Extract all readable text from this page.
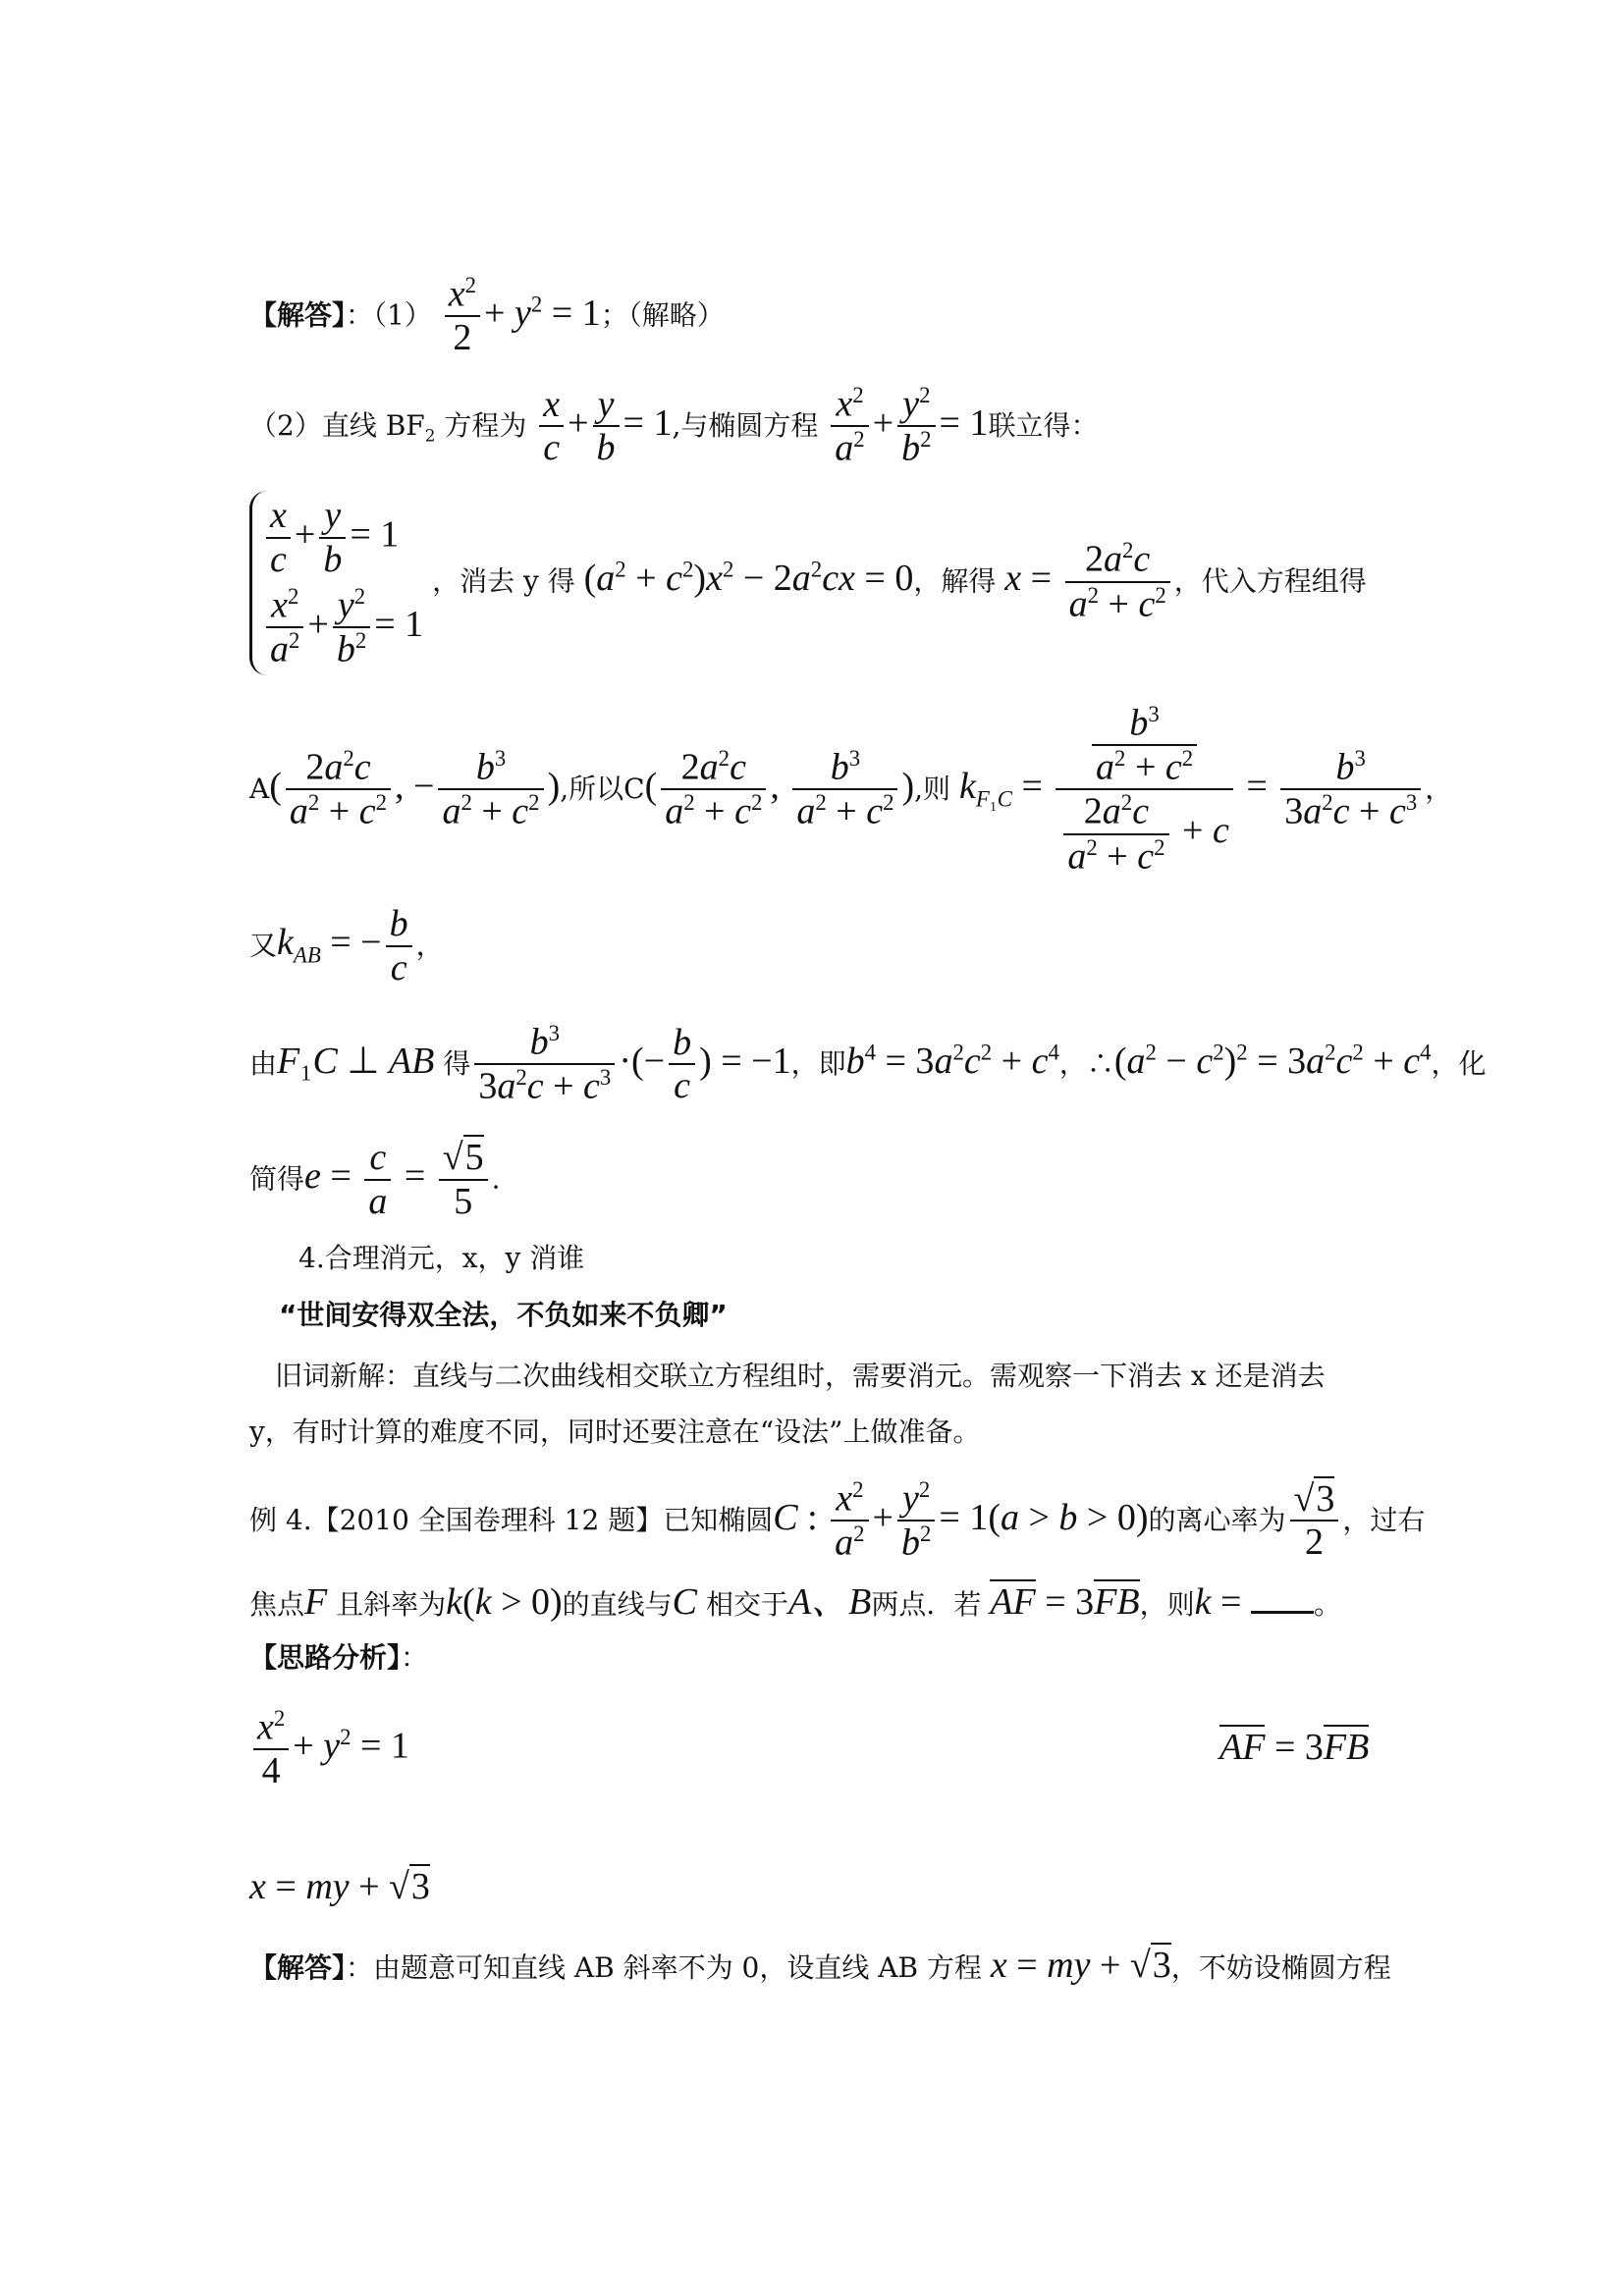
【解答】：$(1) \frac{x^2}{2} + y^2 = 1$；（解略）
（2）直线 $BF_2$ 方程为 $\frac{x}{c} + \frac{y}{b} = 1$,与椭圆方程 $\frac{x^2}{a^2} + \frac{y^2}{b^2} = 1$联立得：
$\frac{x}{c} + \frac{y}{b} = 1$
$\frac{x^2}{a^2} + \frac{y^2}{b^2} = 1$
，消去 y 得 $(a^2 + c^2)x^2 - 2a^2cx = 0$，解得 $x = \frac{2a^2c}{a^2 + c^2}$ ，代入方程组得
$A( \frac{2a^2c}{a^2 + c^2}$ , − $\frac{b^3}{a^2 + c^2}$ ),所以$C( \frac{2a^2c}{a^2 + c^2}$ , $\frac{b^3}{a^2 + c^2}$ ),则 $k_{F_1C} = \frac{\frac{b^3}{a^2 + c^2}}{\frac{2a^2c}{a^2 + c^2} + c} = \frac{b^3}{3a^2c + c^3}$ ，
又$k_{AB}$ = − $\frac{b}{c}$ ，
由F₁C ⊥ AB 得 $\frac{b^3}{3a^2c + c^3}$ ·(− $\frac{b}{c}$ ) = −1，即$b^4 = 3a^2c^2 + c^4$，$\therefore(a^2 - c^2)^2 = 3a^2c^2 + c^4$，化
简得$e = \frac{c}{a} = \frac{√5}{5}$ .
4.合理消元，x，y 消谁
“世间安得双全法，不负如来不负卿”
旧词新解：直线与二次曲线相交联立方程组时，需要消元。需观察一下消去 x 还是消去
y，有时计算的难度不同，同时还要注意在“设法”上做准备。
例 4.【2010 全国卷理科 12 题】已知椭圆C : $\frac{x^2}{a^2} + \frac{y^2}{b^2} = 1(a > b > 0)$的离心率为 $\frac{√3}{2}$ ，过右
焦点F 且斜率为k(k > 0)的直线与C 相交于A、B两点．若 AF = 3FB，则k = 。
【思路分析】：
$\frac{x^2}{4} + y^2 = 1$	AF = 3FB
x = my + √3
【解答】：由题意可知直线 AB 斜率不为 0，设直线 AB 方程 x = my + √3，不妨设椭圆方程
